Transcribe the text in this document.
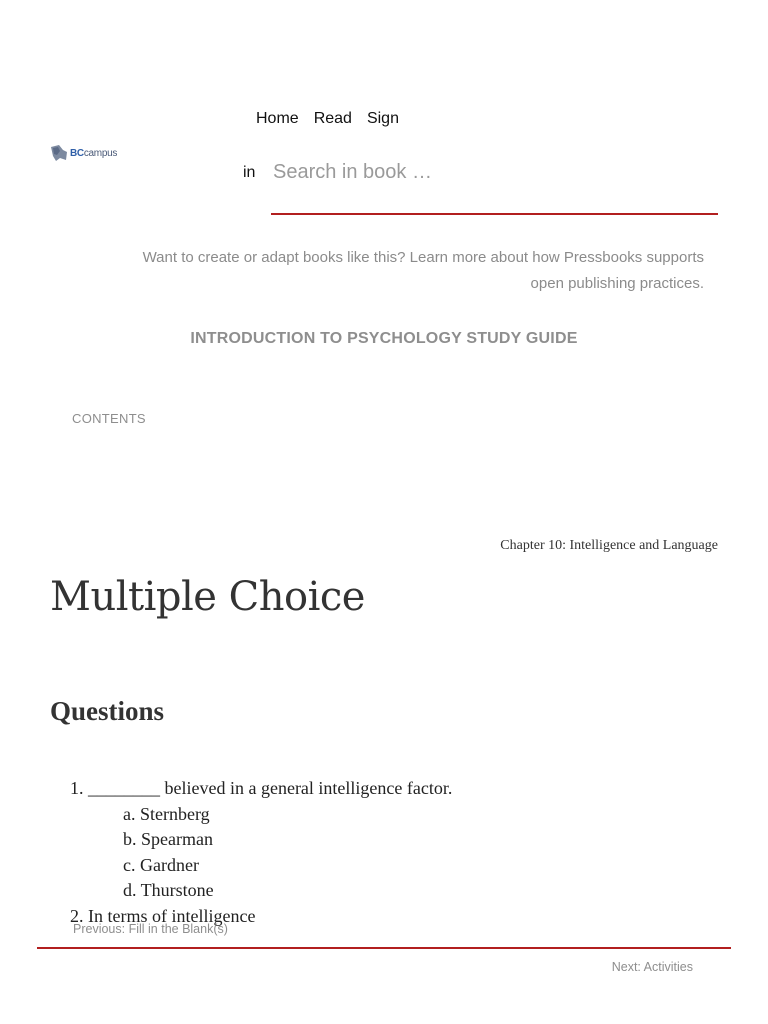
BCcampus
Home Read Sign
in
Search in book …

Want to create or adapt books like this? Learn more about how Pressbooks supports

open publishing practices.

INTRODUCTION TO PSYCHOLOGY STUDY GUIDE
CONTENTS
Chapter 10: Intelligence and Language
Multiple Choice
Questions
1. ________ believed in a general intelligence factor.
a. Sternberg
b. Spearman
c. Gardner
d. Thurstone
2. In terms of intelligence
Previous: Fill in the Blank(s)
Next: Activities
